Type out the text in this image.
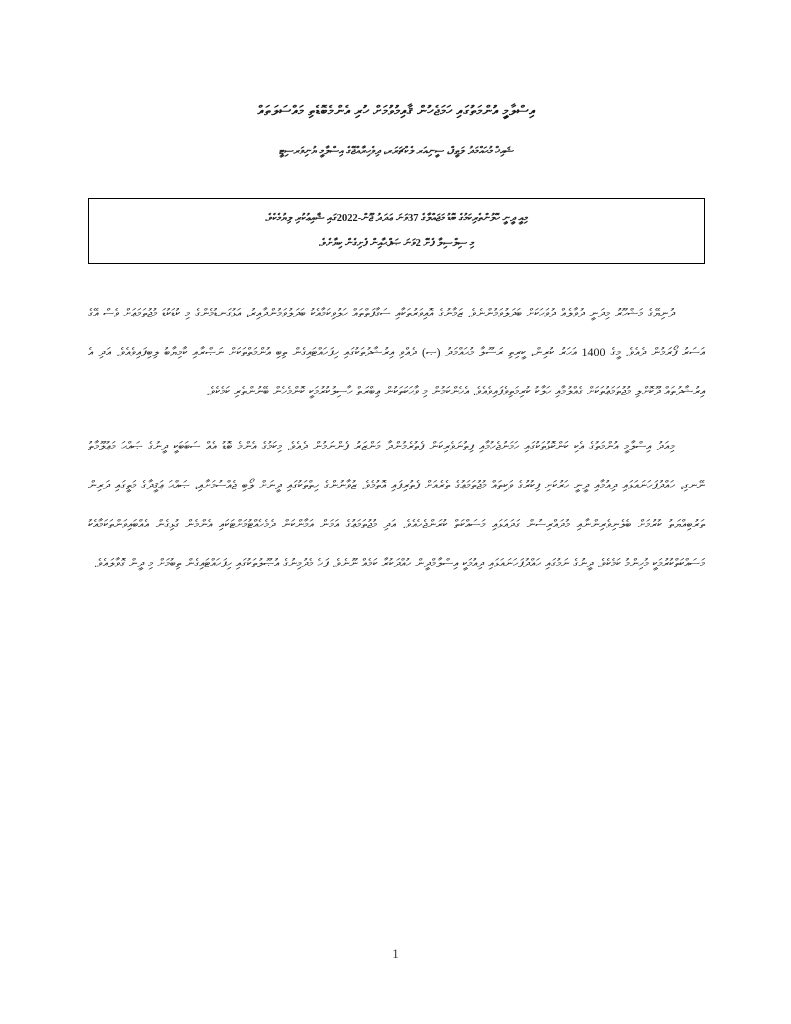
އިސްލާމީ އުންމަތުގައި ހަމަޖެހުން ޤާއިމުވުމަށް ހުރި އެންމެބޮޑެތި މައްސަލަތައް
ޝައިޚް މުޙައްމަދު ލަޠީފް، ސީނިއަރ ލެކްޗަރަރ، ދިވެހިރާއްޖޭގެ އިސްލާމީ ޔުނިވަރސިޓީ
މިއީ ދީނީ ހޭލުންތެރިކަމުގެ ބޮޑު މަޖައްލާގެ 37ވަނަ ޢަދަދު ޖޫން-2022ގައި ޝާއިޢުކުރި ލިޔުމެކެވެ.
މި ސިލްސިލާ ފެށޭ 2ވަނަ ޞަފްޙާއިން ފެށިގެން ކިޔާށެވެ.

ދުނިޔޭގެ މަޝްހޫރު މިދަނީ ދުވާލެއް ދުވަހަކަށް ބަދަލުވަމުންނެވެ. ޒަމާނުގެ އޮއިވަރުތަކާއި ސަގާފަތްތައް ހަލުވިކަމާއެކު ބަދަލުވަމުންދާއިރު، އަޅުގަނޑުމެންގެ މި ކުޑަކުޑަ މުޖުތަމަޢަށް ވެސް އޭގެ އަސަރު ފޯރަމުން ދެއެވެ. މީގެ 1400 އަހަރު ކުރިން، ކީރިތި ރަސޫލާ މުޙައްމަދު (ޞ) ދެއްވި އިރުޝާދުތަކުގައި ހިފަހައްޓައިގެން ތިބި އުންމަތްތަކަށް ނަޞްރާއި ކާމިޔާބު ލިބިފައިވެއެވެ. އަދި އެ އިރުޝާދުތައް ދޫކޮށްލި މުޖުތަމަޢުތަކަށް ގެއްލުމާއި ހަލާކު ކުރިމަތިވެފައިވެއެވެ. އެހެންކަމުން މި ވާހަކަތަކުން ޢިބްރަތް ހާސިލުކުރުމަކީ ކޮންމެހެން ބޭނުންތެރި ކަމެކެވެ.

މިއަދު އިސްލާމީ އުންމަތުގެ އެކި ކަންކޮޅުތަކުގައި ހަމަނުޖެހުމާއި ފިތުނަވެރިކަން ފެތުރެމުންދާ މަންޒަރު ފެންނަމުން ދެއެވެ. މިކަމުގެ އެންމެ ބޮޑު އެއް ސަބަބަކީ ދީނުގެ ޞައްޙަ މަޢުލޫމާތު ނޭނގި، ހައްދުފަހަނައަޅައި ދިއުމާއި ދީނީ ހަރުކަށި ފިކުރުގެ ވަކިތައް މުޖުތަމަޢުގެ ތެރެއަށް ފެތުރިފައި އޮތުމެވެ. ޒުވާނުންގެ ހިތްތަކުގައި ދީނަށް ލޯބި ޖެއްސުމަށާއި، ޞައްޙަ ޢަޤީދާގެ މަތީގައި ދަރިން ތަރުބިއްޔަތު ކުރުމަށް ބެލެނިވެރިންނާއި މުދައްރިސުން ގަދައަޅައި މަސައްކަތް ކުރަންޖެހެއެވެ. އަދި މުޖުތަމަޢުގެ އަމަން އަމާންކަން ދެމެހެއްޓުމަށްޓަކައި އެންމެން ގުޅިގެން އެއްބައިވަންތަކަމާއެކު މަސައްކަތްކުރުމަކީ މުހިންމު ކަމެކެވެ. ދީނުގެ ނަމުގައި ހައްދުފަހަނައަޅައި ދިއުމަކީ އިސްލާމްދީން ހުއްދަކުރާ ކަމެއް ނޫނެވެ. ފަހެ މެދުމިނުގެ އުޞޫލުތަކުގައި ހިފަހައްޓައިގެން ތިބުމަށް މި ދީން ގޮވާލައެވެ.

1
